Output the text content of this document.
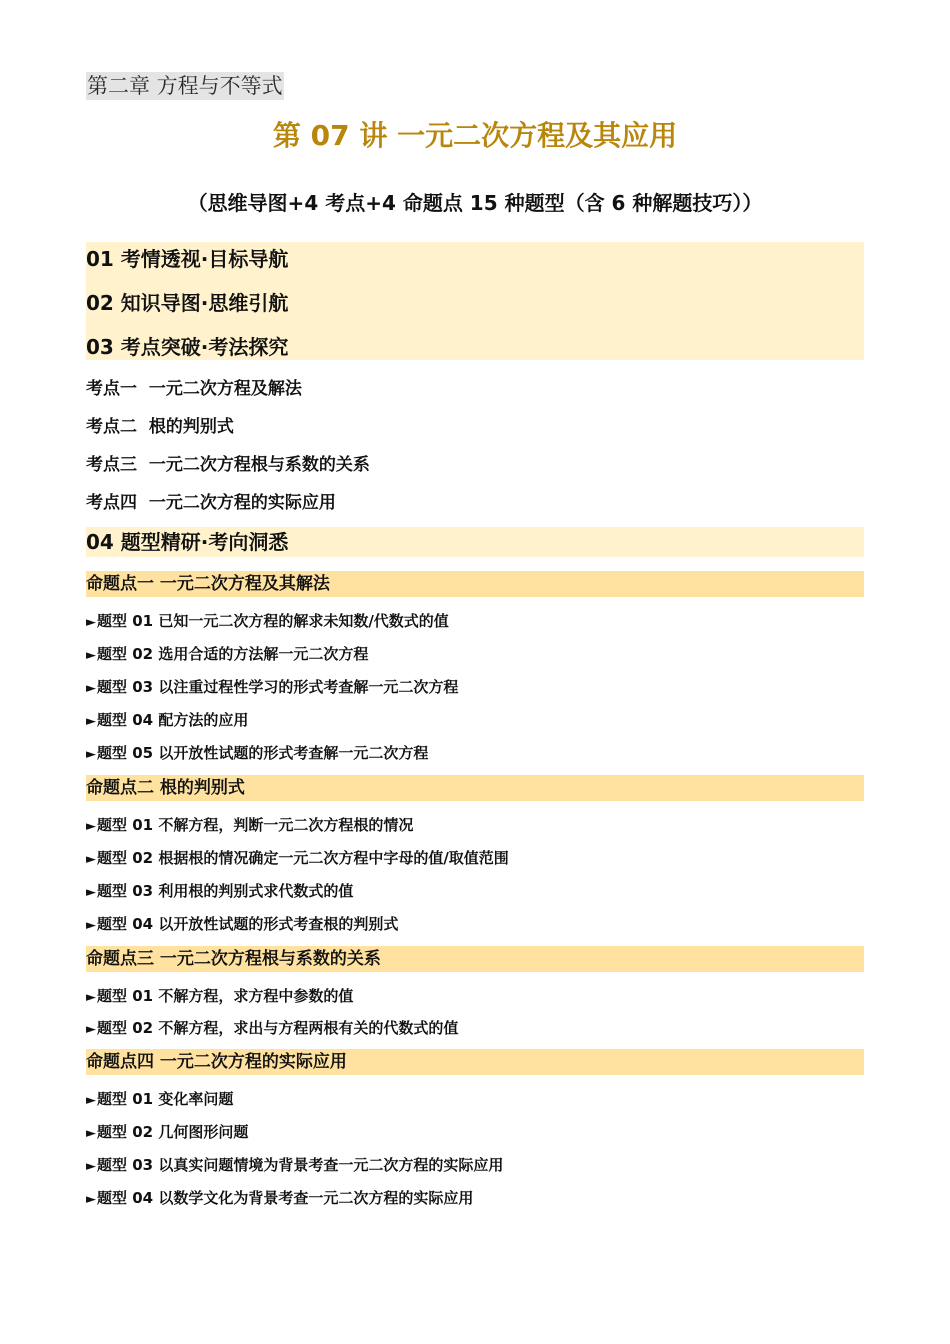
第二章 方程与不等式
第 07 讲 一元二次方程及其应用
（思维导图+4 考点+4 命题点 15 种题型（含 6 种解题技巧））
01 考情透视·目标导航
02 知识导图·思维引航
03 考点突破·考法探究
考点一  一元二次方程及解法
考点二  根的判别式
考点三  一元二次方程根与系数的关系
考点四  一元二次方程的实际应用
04 题型精研·考向洞悉
命题点一 一元二次方程及其解法
►题型 01 已知一元二次方程的解求未知数/代数式的值
►题型 02 选用合适的方法解一元二次方程
►题型 03 以注重过程性学习的形式考查解一元二次方程
►题型 04 配方法的应用
►题型 05 以开放性试题的形式考查解一元二次方程
命题点二 根的判别式
►题型 01 不解方程，判断一元二次方程根的情况
►题型 02 根据根的情况确定一元二次方程中字母的值/取值范围
►题型 03 利用根的判别式求代数式的值
►题型 04 以开放性试题的形式考查根的判别式
命题点三 一元二次方程根与系数的关系
►题型 01 不解方程，求方程中参数的值
►题型 02 不解方程，求出与方程两根有关的代数式的值
命题点四 一元二次方程的实际应用
►题型 01 变化率问题
►题型 02 几何图形问题
►题型 03 以真实问题情境为背景考查一元二次方程的实际应用
►题型 04 以数学文化为背景考查一元二次方程的实际应用
